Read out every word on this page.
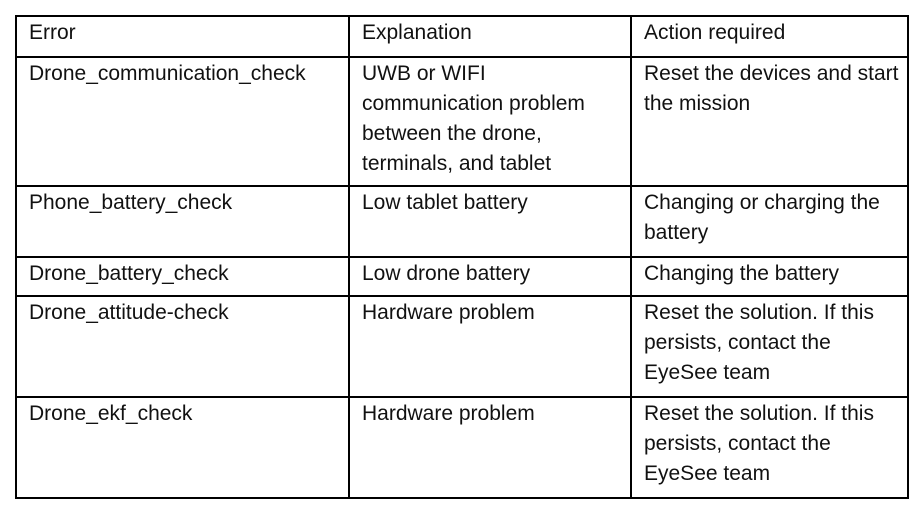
Error	Explanation	Action required

Drone_communication_check	UWB or WIFI communication problem between the drone, terminals, and tablet	Reset the devices and start the mission

Phone_battery_check	Low tablet battery	Changing or charging the battery

Drone_battery_check	Low drone battery	Changing the battery

Drone_attitude-check	Hardware problem	Reset the solution. If this persists, contact the EyeSee team

Drone_ekf_check	Hardware problem	Reset the solution. If this persists, contact the EyeSee team
